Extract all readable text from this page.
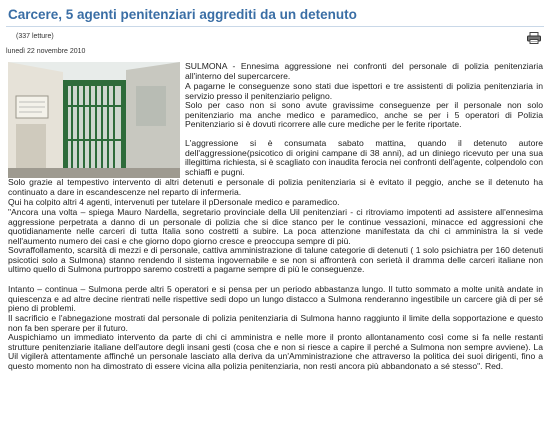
Carcere, 5 agenti penitenziari aggrediti da un detenuto
(337 letture)
lunedì 22 novembre 2010
SULMONA - Ennesima aggressione nei confronti del personale di polizia penitenziaria all'interno del supercarcere.
A pagarne le conseguenze sono stati due ispettori e tre assistenti di polizia penitenziaria in servizio presso il penitenziario peligno.
Solo per caso non si sono avute gravissime conseguenze per il personale non solo penitenziario ma anche medico e paramedico, anche se per i 5 operatori di Polizia Penitenziario si è dovuti ricorrere alle cure mediche per le ferite riportate.
L'aggressione si è consumata sabato mattina, quando il detenuto autore dell'aggressione(psicotico di origini campane di 38 anni), ad un diniego ricevuto per una sua illegittima richiesta, si è scagliato con inaudita ferocia nei confronti dell'agente, colpendolo con schiaffi e pugni.
Solo grazie al tempestivo intervento di altri detenuti e personale di polizia penitenziaria si è evitato il peggio, anche se il detenuto ha continuato a dare in escandescenze nel reparto di infermeria.
Qui ha colpito altri 4 agenti, intervenuti per tutelare il pDersonale medico e paramedico.
"Ancora una volta – spiega Mauro Nardella, segretario provinciale della Uil penitenziari - ci ritroviamo impotenti ad assistere all'ennesima aggressione perpetrata a danno di un personale di polizia che si dice stanco per le continue vessazioni, minacce ed aggressioni che quotidianamente nelle carceri di tutta Italia sono costretti a subire. La poca attenzione manifestata da chi ci amministra la si vede nell'aumento numero dei casi e che giorno dopo giorno cresce e preoccupa sempre di più.
Sovraffollamento, scarsità di mezzi e di personale, cattiva amministrazione di talune categorie di detenuti ( 1 solo psichiatra per 160 detenuti psicotici solo a Sulmona) stanno rendendo il sistema ingovernabile e se non si affronterà con serietà il dramma delle carceri italiane non ultimo quello di Sulmona purtroppo saremo costretti a pagarne sempre di più le conseguenze.
Intanto – continua – Sulmona perde altri 5 operatori e si pensa per un periodo abbastanza lungo. Il tutto sommato a molte unità andate in quiescenza e ad altre decine rientrati nelle rispettive sedi dopo un lungo distacco a Sulmona renderanno ingestibile un carcere già di per sé pieno di problemi.
Il sacrificio e l'abnegazione mostrati dal personale di polizia penitenziaria di Sulmona hanno raggiunto il limite della sopportazione e questo non fa ben sperare per il futuro.
Auspichiamo un immediato intervento da parte di chi ci amministra e nelle more il pronto allontanamento così come si fa nelle restanti strutture penitenziarie italiane dell'autore degli insani gesti (cosa che e non si riesce a capire il perché a Sulmona non sempre avviene). La Uil vigilerà attentamente affinché un personale lasciato alla deriva da un'Amministrazione che attraverso la politica dei suoi dirigenti, fino a questo momento non ha dimostrato di essere vicina alla polizia penitenziaria, non resti ancora più abbandonato a sé stesso". Red.
